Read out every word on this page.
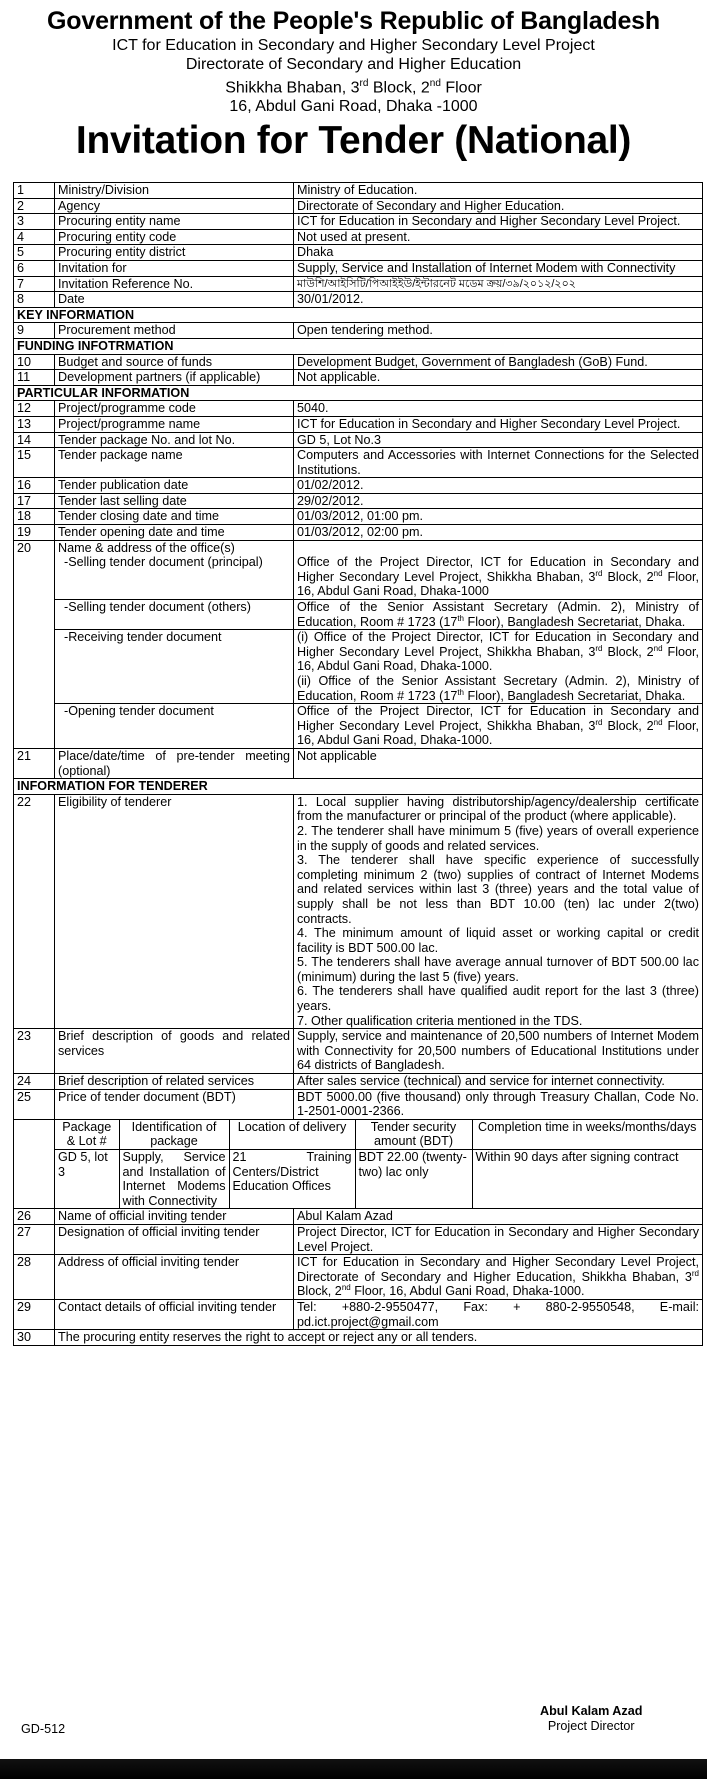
Government of the People's Republic of Bangladesh
ICT for Education in Secondary and Higher Secondary Level Project
Directorate of Secondary and Higher Education
Shikkha Bhaban, 3rd Block, 2nd Floor
16, Abdul Gani Road, Dhaka -1000
Invitation for Tender (National)
1	Ministry/Division	Ministry of Education.
2	Agency	Directorate of Secondary and Higher Education.
3	Procuring entity name	ICT for Education in Secondary and Higher Secondary Level Project.
4	Procuring entity code	Not used at present.
5	Procuring entity district	Dhaka
6	Invitation for	Supply, Service and Installation of Internet Modem with Connectivity
7	Invitation Reference No.	মাউশি/আইসিটি/পিআইইউ/ইন্টারনেট মডেম ক্রয়/৩৯/২০১২/২০২
8	Date	30/01/2012.
KEY INFORMATION
9	Procurement method	Open tendering method.
FUNDING INFOTRMATION
10	Budget and source of funds	Development Budget, Government of Bangladesh (GoB) Fund.
11	Development partners (if applicable)	Not applicable.
PARTICULAR INFORMATION
12	Project/programme code	5040.
13	Project/programme name	ICT for Education in Secondary and Higher Secondary Level Project.
14	Tender package No. and lot No.	GD 5, Lot No.3
15	Tender package name	Computers and Accessories with Internet Connections for the Selected Institutions.
16	Tender publication date	01/02/2012.
17	Tender last selling date	29/02/2012.
18	Tender closing date and time	01/03/2012, 01:00 pm.
19	Tender opening date and time	01/03/2012, 02:00 pm.
20	Name & address of the office(s)	
-Selling tender document (principal)	Office of the Project Director, ICT for Education in Secondary and Higher Secondary Level Project, Shikkha Bhaban, 3rd Block, 2nd Floor, 16, Abdul Gani Road, Dhaka-1000
-Selling tender document (others)	Office of the Senior Assistant Secretary (Admin. 2), Ministry of Education, Room # 1723 (17th Floor), Bangladesh Secretariat, Dhaka.
-Receiving tender document	(i) Office of the Project Director, ICT for Education in Secondary and Higher Secondary Level Project, Shikkha Bhaban, 3rd Block, 2nd Floor, 16, Abdul Gani Road, Dhaka-1000.
(ii) Office of the Senior Assistant Secretary (Admin. 2), Ministry of Education, Room # 1723 (17th Floor), Bangladesh Secretariat, Dhaka.
-Opening tender document	Office of the Project Director, ICT for Education in Secondary and Higher Secondary Level Project, Shikkha Bhaban, 3rd Block, 2nd Floor, 16, Abdul Gani Road, Dhaka-1000.
21	Place/date/time of pre-tender meeting (optional)	Not applicable
INFORMATION FOR TENDERER
22	Eligibility of tenderer	1. Local supplier having distributorship/agency/dealership certificate from the manufacturer or principal of the product (where applicable).

2. The tenderer shall have minimum 5 (five) years of overall experience in the supply of goods and related services.

3. The tenderer shall have specific experience of successfully completing minimum 2 (two) supplies of contract of Internet Modems and related services within last 3 (three) years and the total value of supply shall be not less than BDT 10.00 (ten) lac under 2(two) contracts.

4. The minimum amount of liquid asset or working capital or credit facility is BDT 500.00 lac.

5. The tenderers shall have average annual turnover of BDT 500.00 lac (minimum) during the last 5 (five) years.

6. The tenderers shall have qualified audit report for the last 3 (three) years.

7. Other qualification criteria mentioned in the TDS.

23	Brief description of goods and related services	Supply, service and maintenance of 20,500 numbers of Internet Modem with Connectivity for 20,500 numbers of Educational Institutions under 64 districts of Bangladesh.
24	Brief description of related services	After sales service (technical) and service for internet connectivity.
25	Price of tender document (BDT)	BDT 5000.00 (five thousand) only through Treasury Challan, Code No. 1-2501-0001-2366.

Package & Lot #	Identification of package	Location of delivery	Tender security amount (BDT)	Completion time in weeks/months/days
GD 5, lot 3	Supply, Service and Installation of Internet Modems with Connectivity	21 Training Centers/District Education Offices	BDT 22.00 (twenty-two) lac only	Within 90 days after signing contract

26	Name of official inviting tender	Abul Kalam Azad
27	Designation of official inviting tender	Project Director, ICT for Education in Secondary and Higher Secondary Level Project.
28	Address of official inviting tender	ICT for Education in Secondary and Higher Secondary Level Project, Directorate of Secondary and Higher Education, Shikkha Bhaban, 3rd Block, 2nd Floor, 16, Abdul Gani Road, Dhaka-1000.
29	Contact details of official inviting tender	Tel: +880-2-9550477, Fax: + 880-2-9550548, E-mail: pd.ict.project@gmail.com
30	The procuring entity reserves the right to accept or reject any or all tenders.
GD-512
Abul Kalam Azad
Project Director
